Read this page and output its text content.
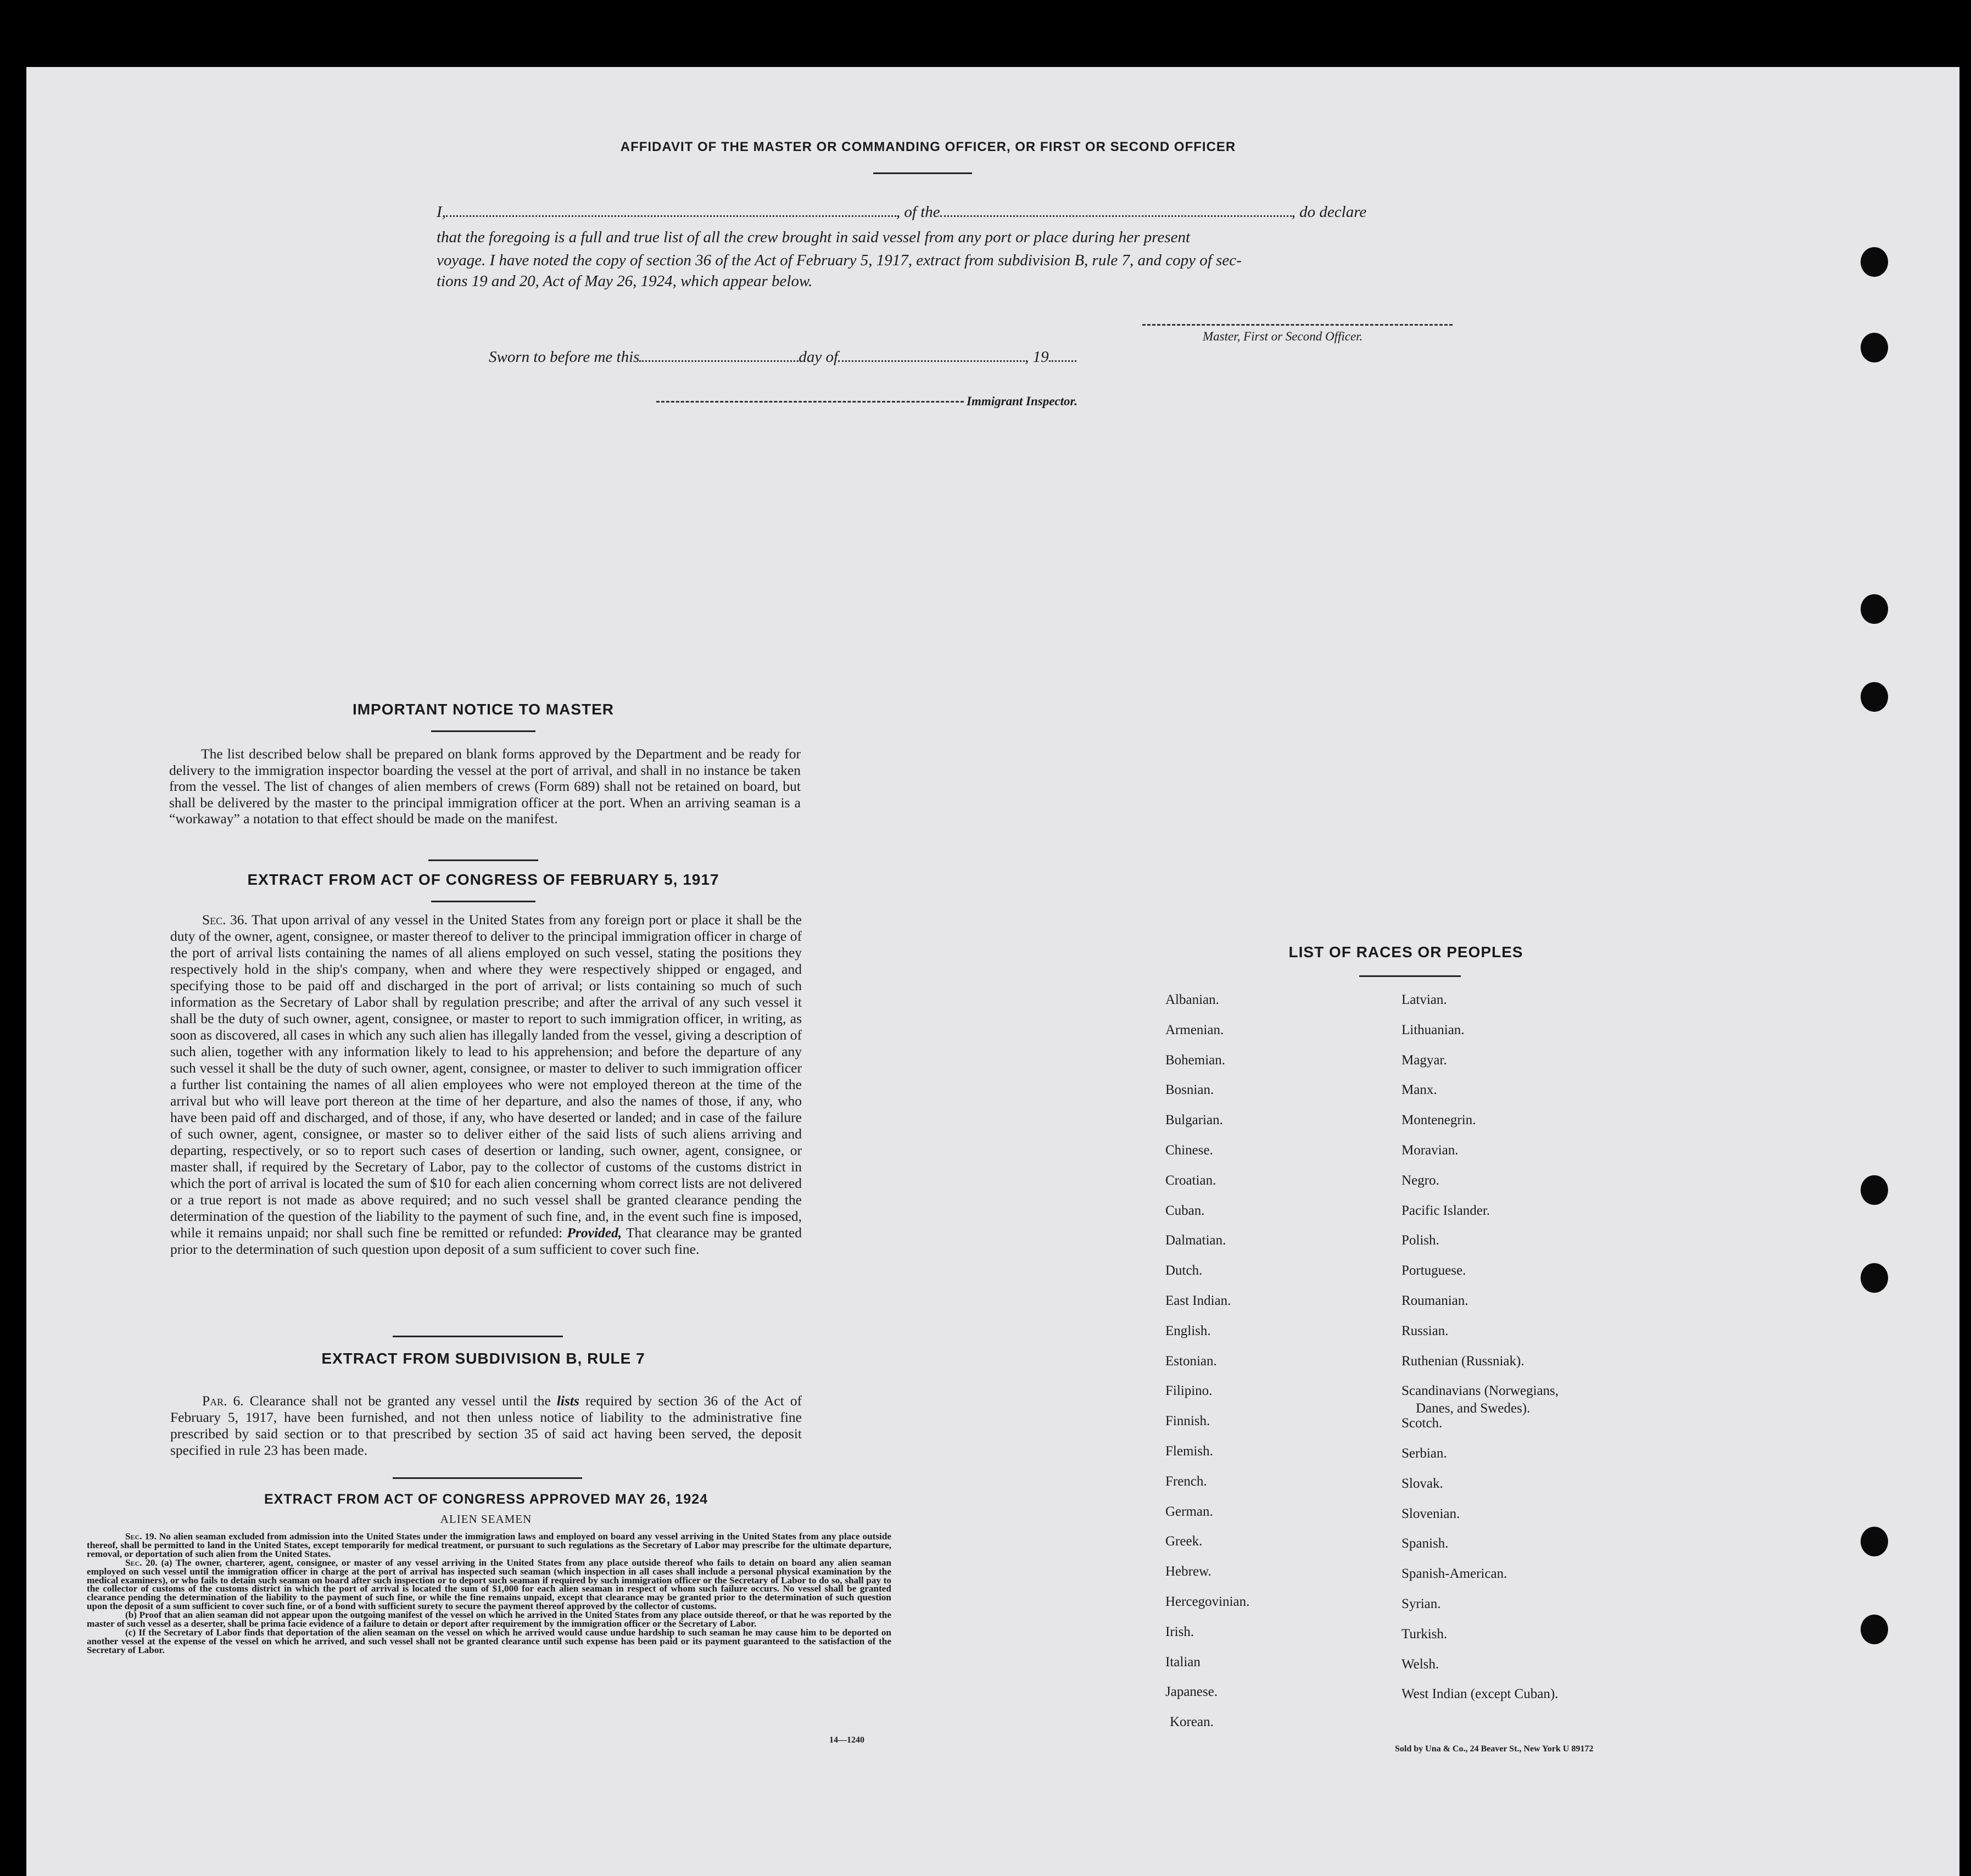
AFFIDAVIT OF THE MASTER OR COMMANDING OFFICER, OR FIRST OR SECOND OFFICER
I,	, of the	, do declare
that the foregoing is a full and true list of all the crew brought in said vessel from any port or place during her present
voyage. I have noted the copy of section 36 of the Act of February 5, 1917, extract from subdivision B, rule 7, and copy of sec-
tions 19 and 20, Act of May 26, 1924, which appear below.
Master, First or Second Officer.
Sworn to before me this	day of	, 19
Immigrant Inspector.
IMPORTANT NOTICE TO MASTER
The list described below shall be prepared on blank forms approved by the Department and be ready for delivery to the immigration inspector boarding the vessel at the port of arrival, and shall in no instance be taken from the vessel. The list of changes of alien members of crews (Form 689) shall not be retained on board, but shall be delivered by the master to the principal immigration officer at the port. When an arriving seaman is a “workaway” a notation to that effect should be made on the manifest.
EXTRACT FROM ACT OF CONGRESS OF FEBRUARY 5, 1917
Sec. 36. That upon arrival of any vessel in the United States from any foreign port or place it shall be the duty of the owner, agent, consignee, or master thereof to deliver to the principal immigration officer in charge of the port of arrival lists containing the names of all aliens employed on such vessel, stating the positions they respectively hold in the ship's company, when and where they were respectively shipped or engaged, and specifying those to be paid off and discharged in the port of arrival; or lists containing so much of such information as the Secretary of Labor shall by regulation prescribe; and after the arrival of any such vessel it shall be the duty of such owner, agent, consignee, or master to report to such immigration officer, in writing, as soon as discovered, all cases in which any such alien has illegally landed from the vessel, giving a description of such alien, together with any information likely to lead to his apprehension; and before the departure of any such vessel it shall be the duty of such owner, agent, consignee, or master to deliver to such immigration officer a further list containing the names of all alien employees who were not employed thereon at the time of the arrival but who will leave port thereon at the time of her departure, and also the names of those, if any, who have been paid off and discharged, and of those, if any, who have deserted or landed; and in case of the failure of such owner, agent, consignee, or master so to deliver either of the said lists of such aliens arriving and departing, respectively, or so to report such cases of desertion or landing, such owner, agent, consignee, or master shall, if required by the Secretary of Labor, pay to the collector of customs of the customs district in which the port of arrival is located the sum of $10 for each alien concerning whom correct lists are not delivered or a true report is not made as above required; and no such vessel shall be granted clearance pending the determination of the question of the liability to the payment of such fine, and, in the event such fine is imposed, while it remains unpaid; nor shall such fine be remitted or refunded: Provided, That clearance may be granted prior to the determination of such question upon deposit of a sum sufficient to cover such fine.
EXTRACT FROM SUBDIVISION B, RULE 7
Par. 6. Clearance shall not be granted any vessel until the lists required by section 36 of the Act of February 5, 1917, have been furnished, and not then unless notice of liability to the administrative fine prescribed by said section or to that prescribed by section 35 of said act having been served, the deposit specified in rule 23 has been made.
EXTRACT FROM ACT OF CONGRESS APPROVED MAY 26, 1924
ALIEN SEAMEN
Sec. 19. No alien seaman excluded from admission into the United States under the immigration laws and employed on board any vessel arriving in the United States from any place outside thereof, shall be permitted to land in the United States, except temporarily for medical treatment, or pursuant to such regulations as the Secretary of Labor may prescribe for the ultimate departure, removal, or deportation of such alien from the United States.
Sec. 20. (a) The owner, charterer, agent, consignee, or master of any vessel arriving in the United States from any place outside thereof who fails to detain on board any alien seaman employed on such vessel until the immigration officer in charge at the port of arrival has inspected such seaman (which inspection in all cases shall include a personal physical examination by the medical examiners), or who fails to detain such seaman on board after such inspection or to deport such seaman if required by such immigration officer or the Secretary of Labor to do so, shall pay to the collector of customs of the customs district in which the port of arrival is located the sum of $1,000 for each alien seaman in respect of whom such failure occurs. No vessel shall be granted clearance pending the determination of the liability to the payment of such fine, or while the fine remains unpaid, except that clearance may be granted prior to the determination of such question upon the deposit of a sum sufficient to cover such fine, or of a bond with sufficient surety to secure the payment thereof approved by the collector of customs.
(b) Proof that an alien seaman did not appear upon the outgoing manifest of the vessel on which he arrived in the United States from any place outside thereof, or that he was reported by the master of such vessel as a deserter, shall be prima facie evidence of a failure to detain or deport after requirement by the immigration officer or the Secretary of Labor.
(c) If the Secretary of Labor finds that deportation of the alien seaman on the vessel on which he arrived would cause undue hardship to such seaman he may cause him to be deported on another vessel at the expense of the vessel on which he arrived, and such vessel shall not be granted clearance until such expense has been paid or its payment guaranteed to the satisfaction of the Secretary of Labor.
14—1240
LIST OF RACES OR PEOPLES
Albanian.
Armenian.
Bohemian.
Bosnian.
Bulgarian.
Chinese.
Croatian.
Cuban.
Dalmatian.
Dutch.
East Indian.
English.
Estonian.
Filipino.
Finnish.
Flemish.
French.
German.
Greek.
Hebrew.
Hercegovinian.
Irish.
Italian
Japanese.
Korean.
Latvian.
Lithuanian.
Magyar.
Manx.
Montenegrin.
Moravian.
Negro.
Pacific Islander.
Polish.
Portuguese.
Roumanian.
Russian.
Ruthenian (Russniak).
Scandinavians (Norwegians,
Danes, and Swedes).
Scotch.
Serbian.
Slovak.
Slovenian.
Spanish.
Spanish-American.
Syrian.
Turkish.
Welsh.
West Indian (except Cuban).
Sold by Una & Co., 24 Beaver St., New York U 89172
